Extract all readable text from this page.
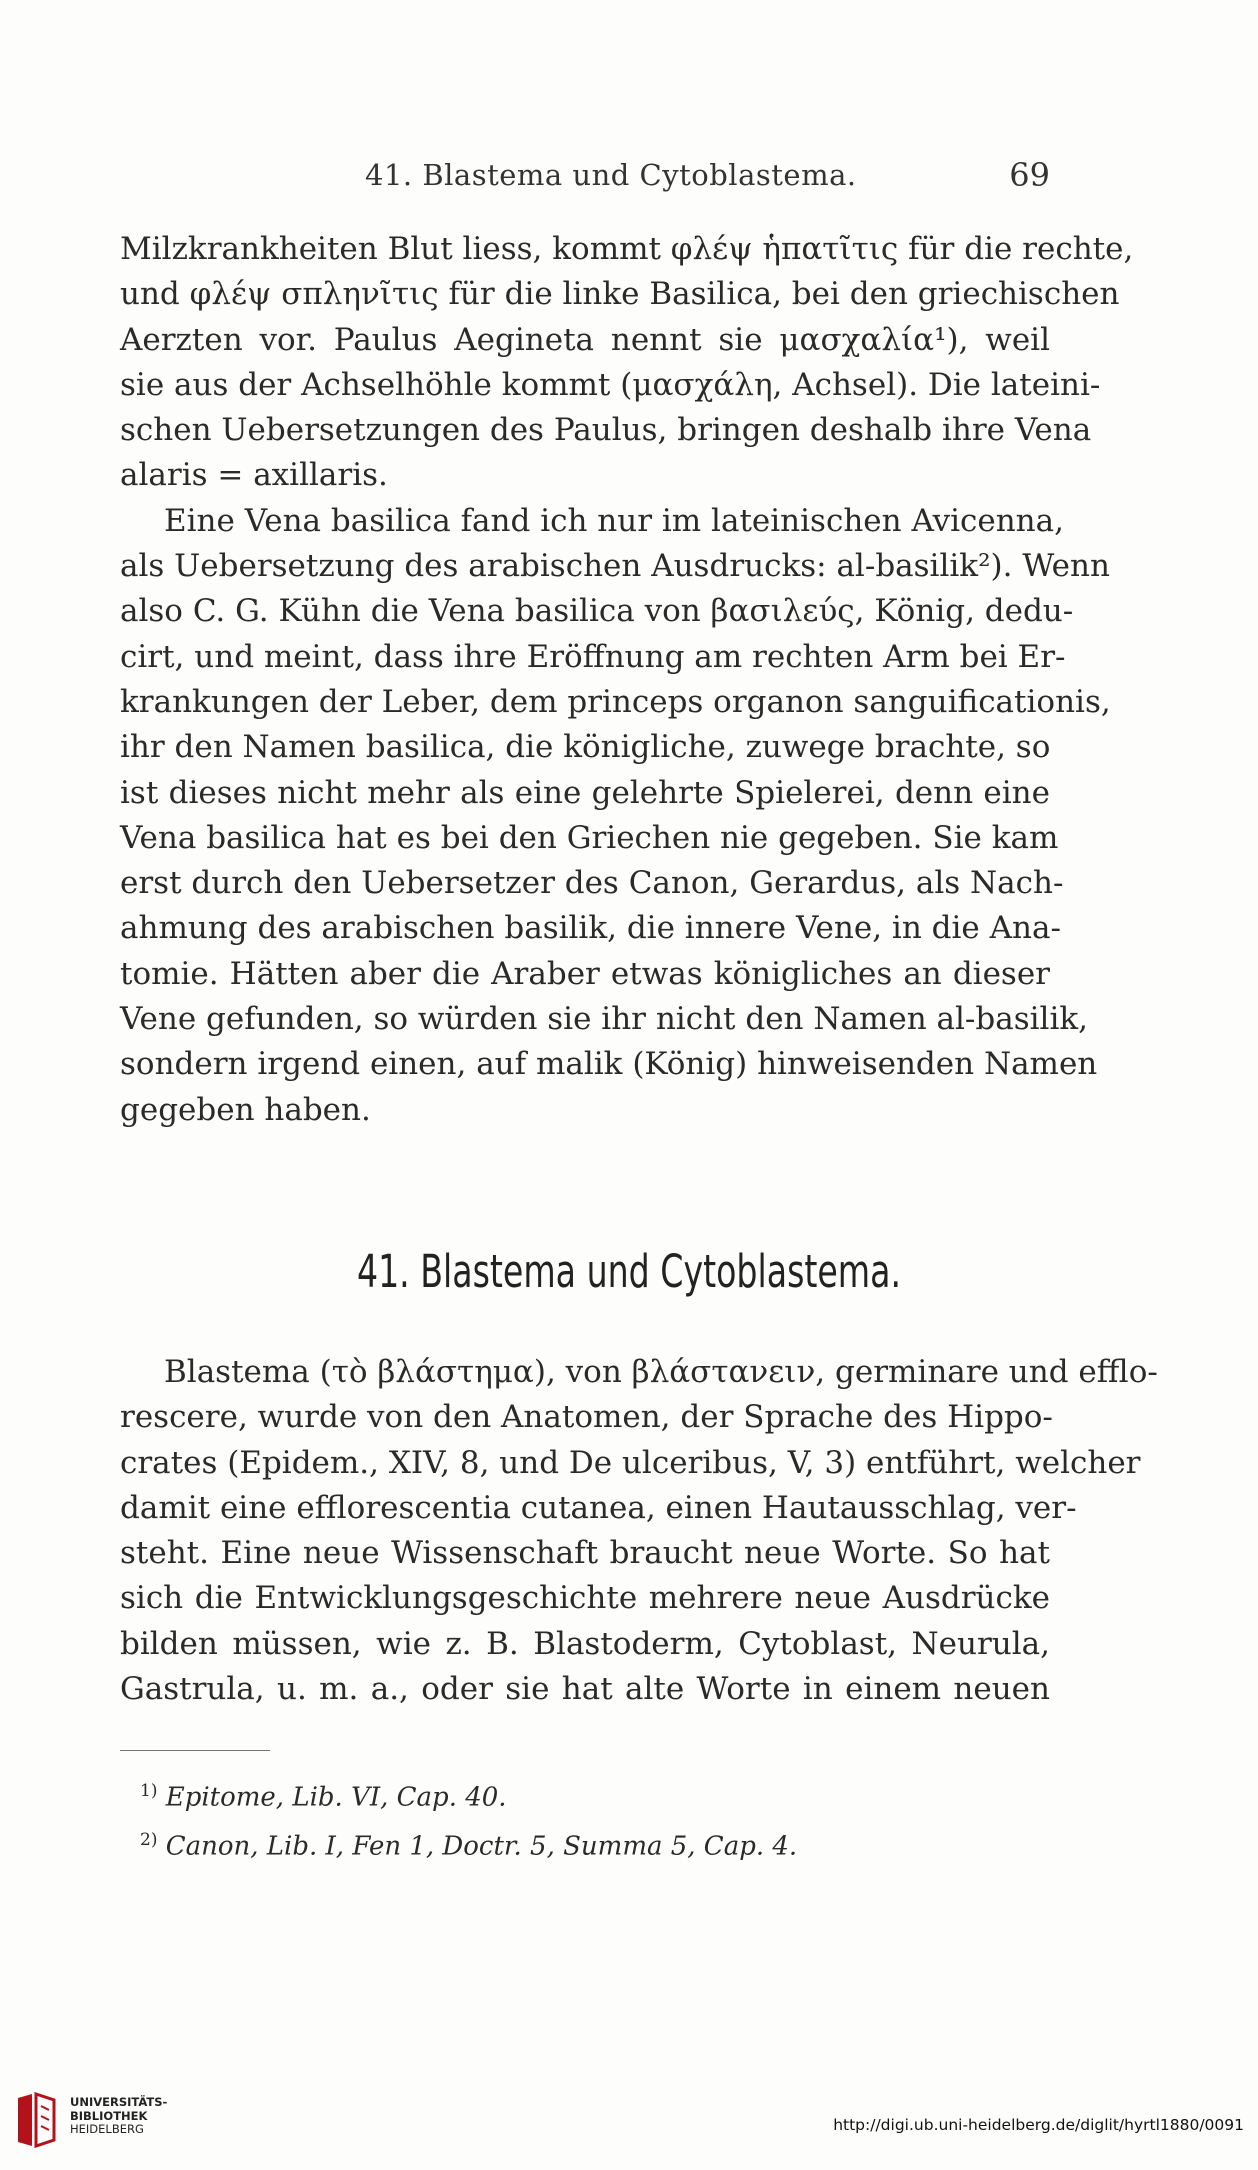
41. Blastema und Cytoblastema.	69
Milzkrankheiten Blut liess, kommt φλέψ ἡπατῖτις für die rechte,
und φλέψ σπληνῖτις für die linke Basilica, bei den griechischen
Aerzten vor. Paulus Aegineta nennt sie μασχαλία¹), weil
sie aus der Achselhöhle kommt (μασχάλη, Achsel). Die lateini-
schen Uebersetzungen des Paulus, bringen deshalb ihre Vena
alaris = axillaris.
Eine Vena basilica fand ich nur im lateinischen Avicenna,
als Uebersetzung des arabischen Ausdrucks: al-basilik²). Wenn
also C. G. Kühn die Vena basilica von βασιλεύς, König, dedu-
cirt, und meint, dass ihre Eröffnung am rechten Arm bei Er-
krankungen der Leber, dem princeps organon sanguificationis,
ihr den Namen basilica, die königliche, zuwege brachte, so
ist dieses nicht mehr als eine gelehrte Spielerei, denn eine
Vena basilica hat es bei den Griechen nie gegeben. Sie kam
erst durch den Uebersetzer des Canon, Gerardus, als Nach-
ahmung des arabischen basilik, die innere Vene, in die Ana-
tomie. Hätten aber die Araber etwas königliches an dieser
Vene gefunden, so würden sie ihr nicht den Namen al-basilik,
sondern irgend einen, auf malik (König) hinweisenden Namen
gegeben haben.
41. Blastema und Cytoblastema.
Blastema (τὸ βλάστημα), von βλάστανειν, germinare und efflo-
rescere, wurde von den Anatomen, der Sprache des Hippo-
crates (Epidem., XIV, 8, und De ulceribus, V, 3) entführt, welcher
damit eine efflorescentia cutanea, einen Hautausschlag, ver-
steht. Eine neue Wissenschaft braucht neue Worte. So hat
sich die Entwicklungsgeschichte mehrere neue Ausdrücke
bilden müssen, wie z. B. Blastoderm, Cytoblast, Neurula,
Gastrula, u. m. a., oder sie hat alte Worte in einem neuen
$^{1)}$ Epitome, Lib. VI, Cap. 40.
$^{2)}$ Canon, Lib. I, Fen 1, Doctr. 5, Summa 5, Cap. 4.
UNIVERSITÄTS-
BIBLIOTHEK
HEIDELBERG	http://digi.ub.uni-heidelberg.de/diglit/hyrtl1880/0091
